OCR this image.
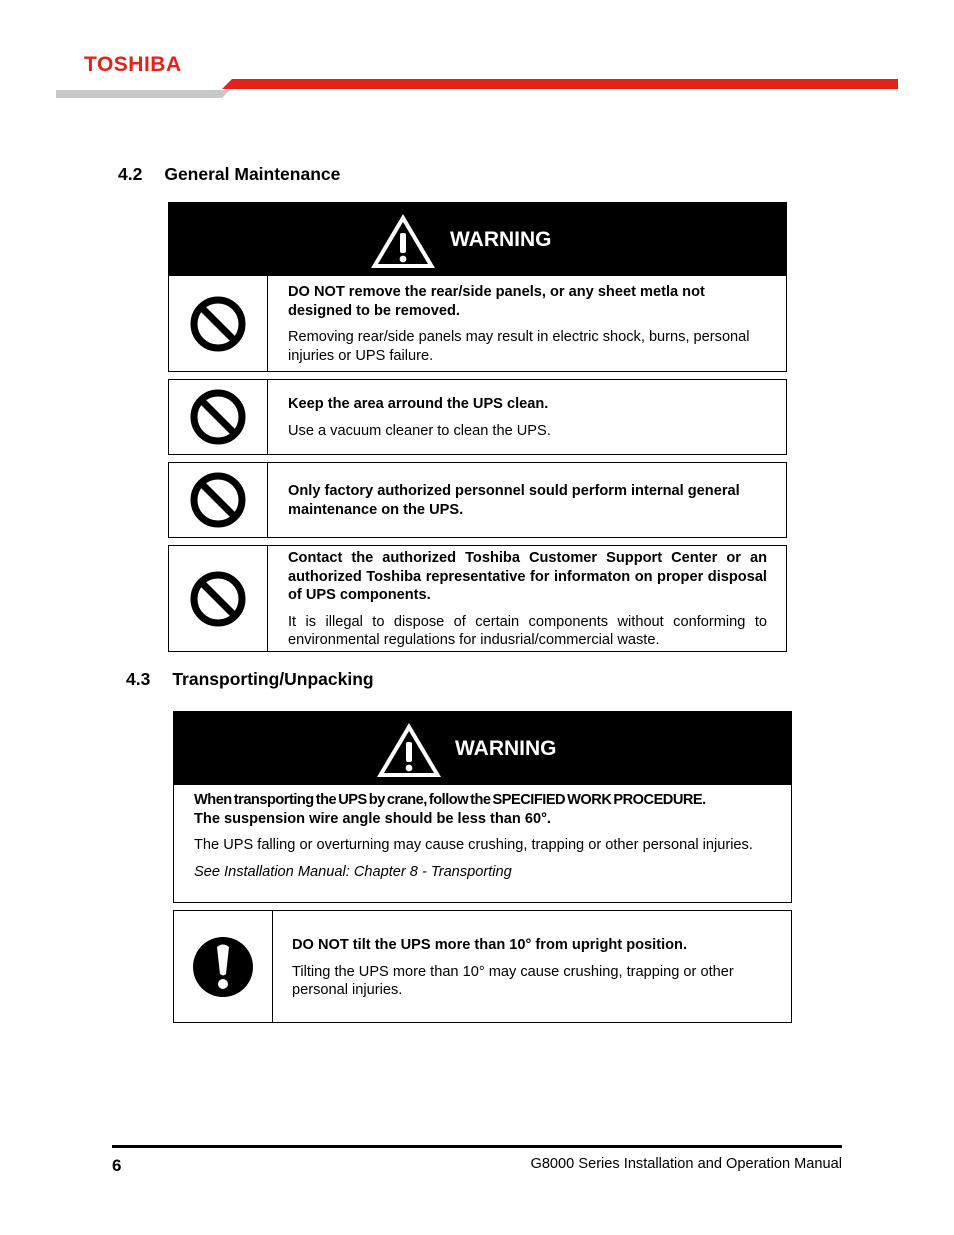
TOSHIBA
4.2 General Maintenance
WARNING

DO NOT remove the rear/side panels, or any sheet metla not designed to be removed.

Removing rear/side panels may result in electric shock, burns, personal injuries or UPS failure.

Keep the area arround the UPS clean.

Use a vacuum cleaner to clean the UPS.

Only factory authorized personnel sould perform internal general maintenance on the UPS.

Contact the authorized Toshiba Customer Support Center or an authorized Toshiba representative for informaton on proper disposal of UPS components.

It is illegal to dispose of certain components without conforming to environmental regulations for indusrial/commercial waste.

4.3 Transporting/Unpacking
WARNING

When transporting the UPS by crane, follow the SPECIFIED WORK PROCEDURE.

The suspension wire angle should be less than 60°.

The UPS falling or overturning may cause crushing, trapping or other personal injuries.

See Installation Manual: Chapter 8 - Transporting

DO NOT tilt the UPS more than 10° from upright position.

Tilting the UPS more than 10° may cause crushing, trapping or other personal injuries.

6	G8000 Series Installation and Operation Manual
